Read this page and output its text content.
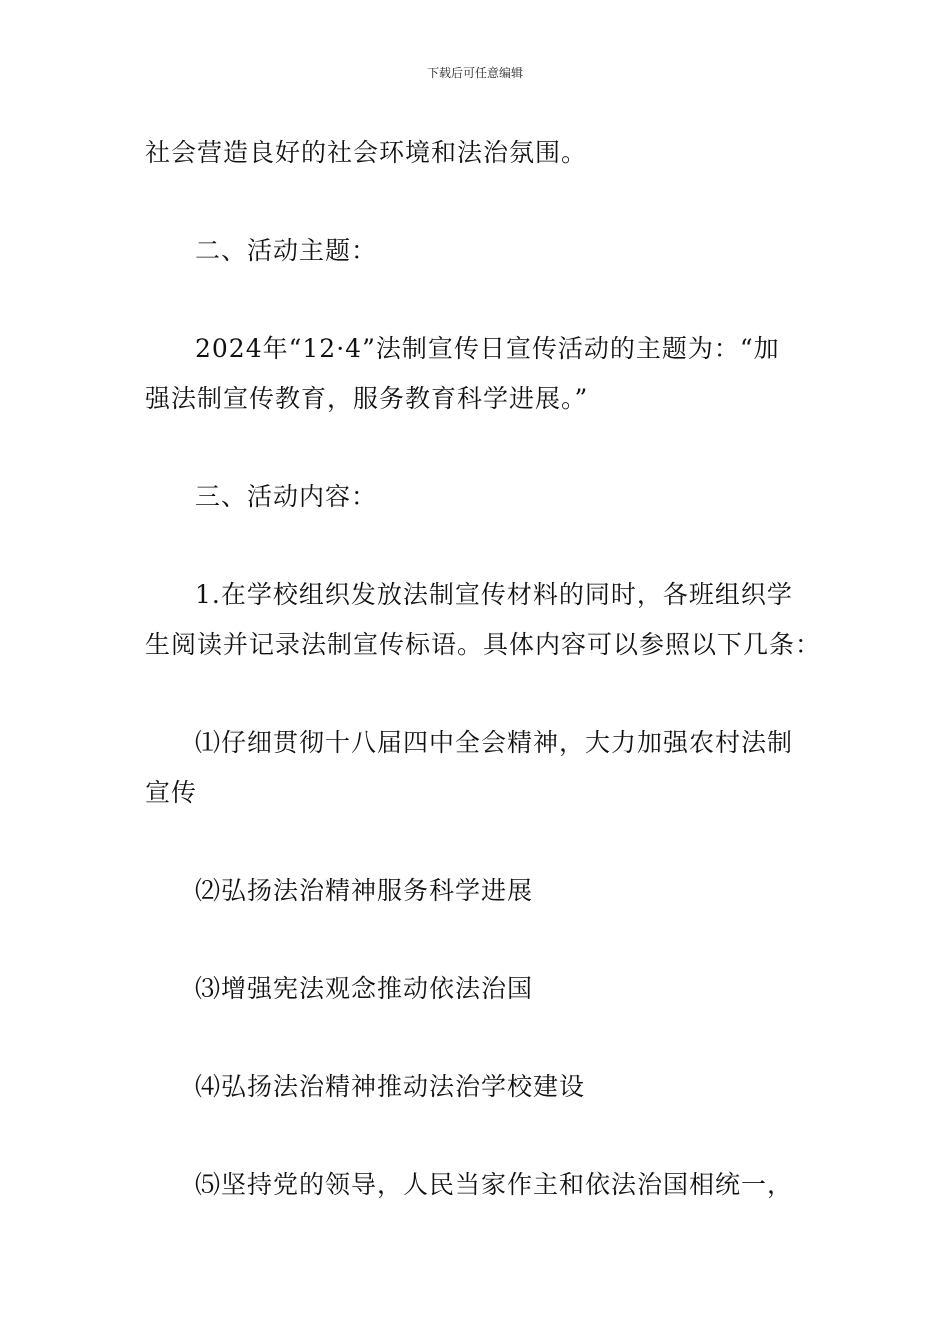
下载后可任意编辑

社会营造良好的社会环境和法治氛围。

二、活动主题：

2024年“12·4”法制宣传日宣传活动的主题为：“加

强法制宣传教育，服务教育科学进展。”

三、活动内容：

1.在学校组织发放法制宣传材料的同时，各班组织学

生阅读并记录法制宣传标语。具体内容可以参照以下几条：

⑴仔细贯彻十八届四中全会精神，大力加强农村法制

宣传

⑵弘扬法治精神服务科学进展

⑶增强宪法观念推动依法治国

⑷弘扬法治精神推动法治学校建设

⑸坚持党的领导，人民当家作主和依法治国相统一，
